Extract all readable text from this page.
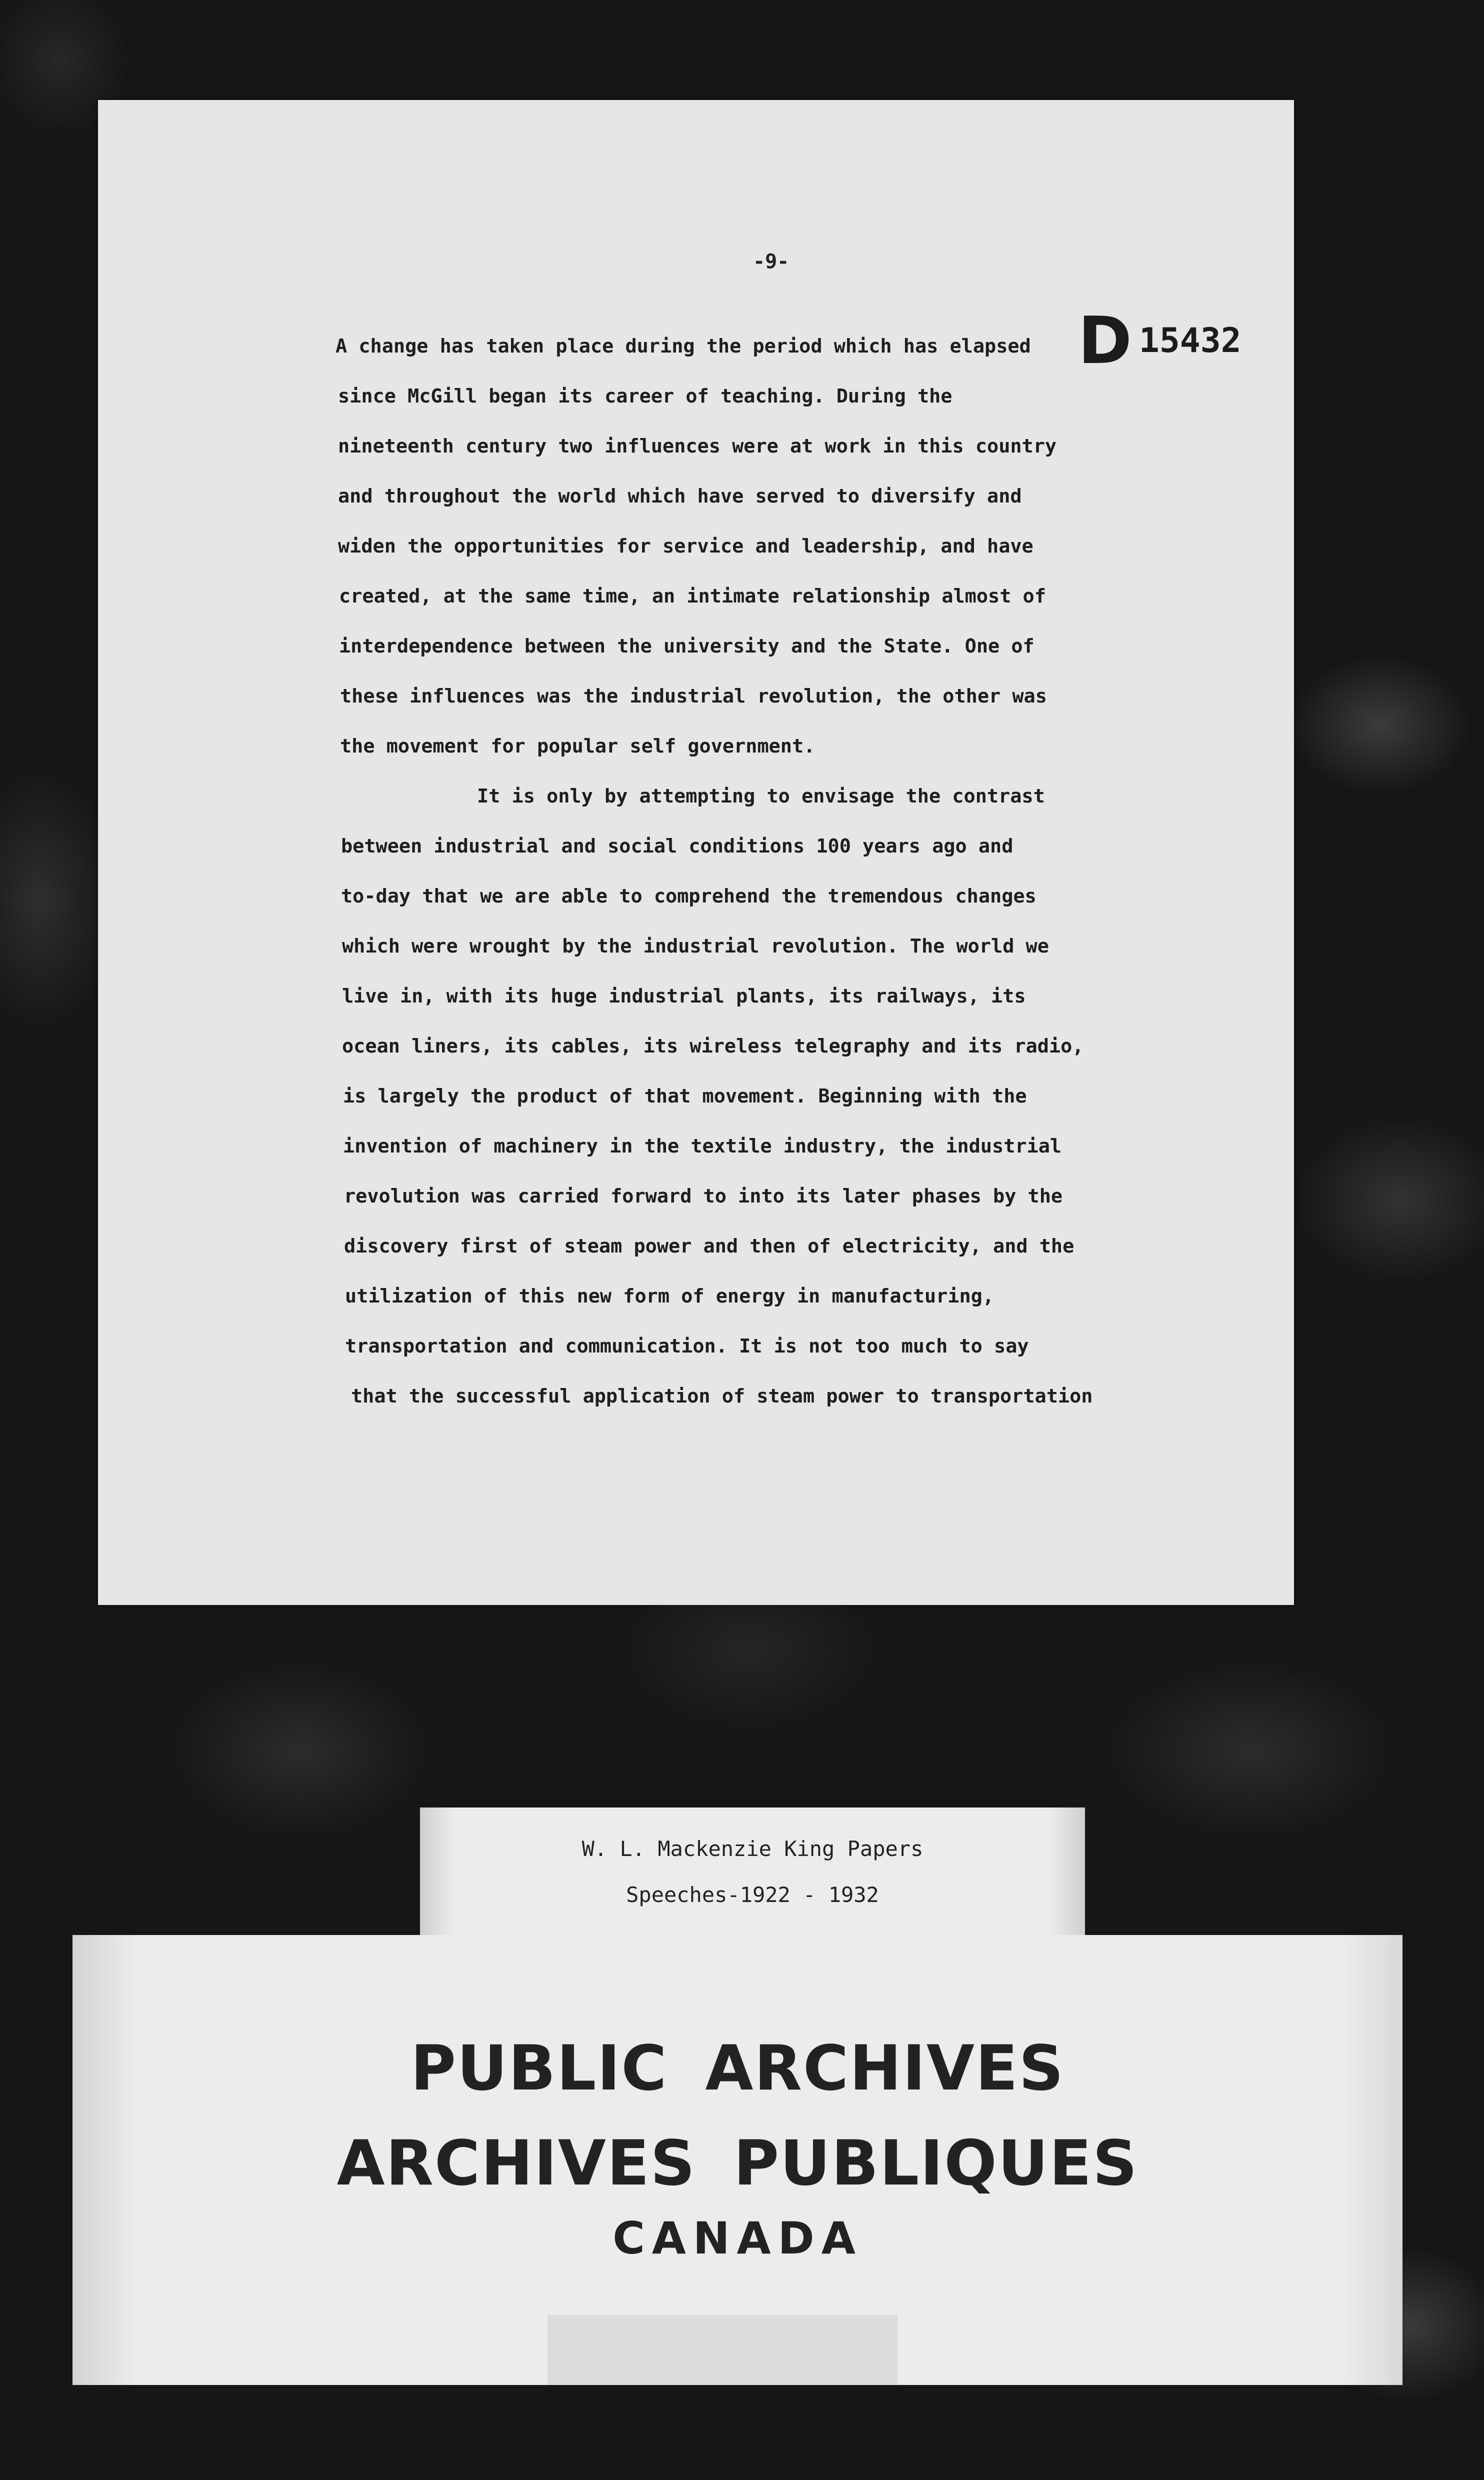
-9-
D 15432
A change has taken place during the period which has elapsed
since McGill began its career of teaching. During the
nineteenth century two influences were at work in this country
and throughout the world which have served to diversify and
widen the opportunities for service and leadership, and have
created, at the same time, an intimate relationship almost of
interdependence between the university and the State. One of
these influences was the industrial revolution, the other was
the movement for popular self government.
It is only by attempting to envisage the contrast
between industrial and social conditions 100 years ago and
to-day that we are able to comprehend the tremendous changes
which were wrought by the industrial revolution. The world we
live in, with its huge industrial plants, its railways, its
ocean liners, its cables, its wireless telegraphy and its radio,
is largely the product of that movement. Beginning with the
invention of machinery in the textile industry, the industrial
revolution was carried forward to into its later phases by the
discovery first of steam power and then of electricity, and the
utilization of this new form of energy in manufacturing,
transportation and communication. It is not too much to say
that the successful application of steam power to transportation
W. L. Mackenzie King Papers
Speeches-1922 - 1932
PUBLIC ARCHIVES
ARCHIVES PUBLIQUES
CANADA
